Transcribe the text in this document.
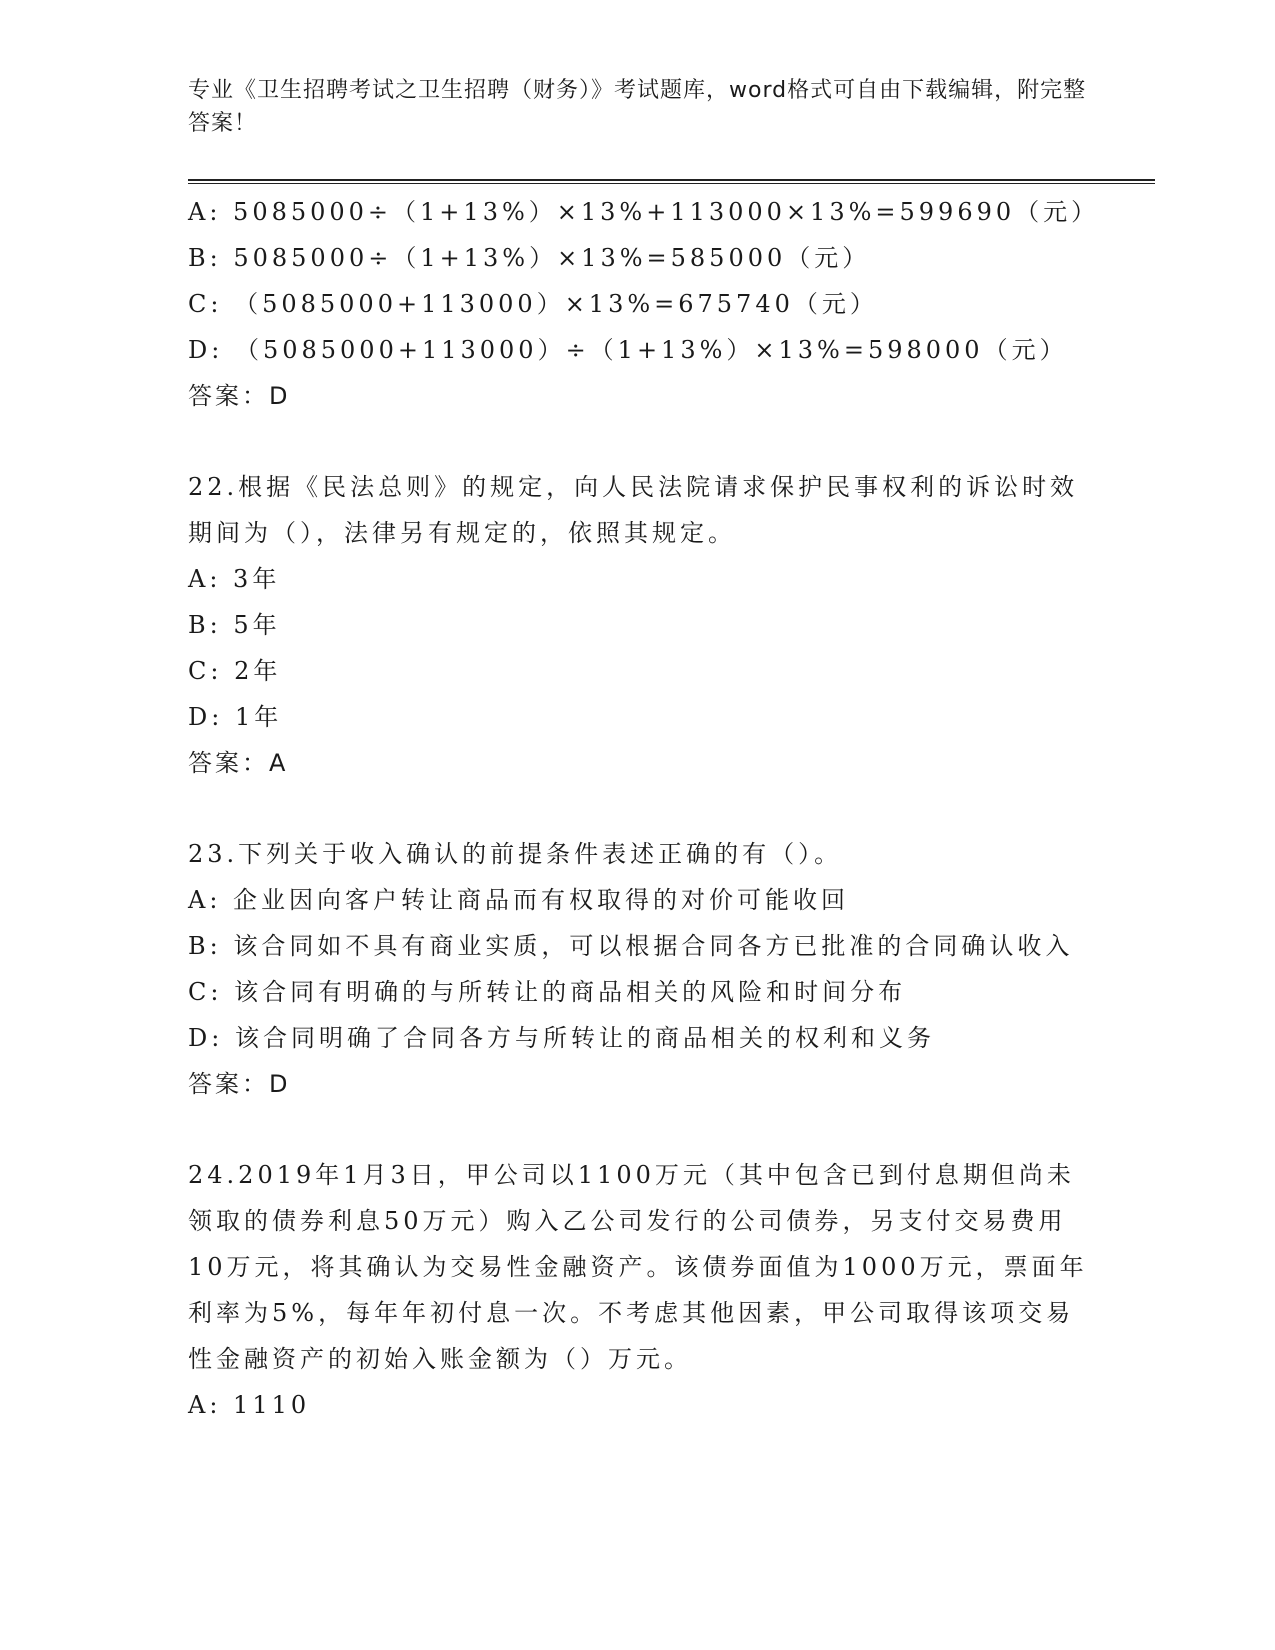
专业《卫生招聘考试之卫生招聘（财务）》考试题库，word格式可自由下载编辑，附完整答案！

A: 5085000÷（1+13%）×13%+113000×13%=599690（元）

B: 5085000÷（1+13%）×13%=585000（元）

C: （5085000+113000）×13%=675740（元）

D: （5085000+113000）÷（1+13%）×13%=598000（元）

答案：D

22.根据《民法总则》的规定，向人民法院请求保护民事权利的诉讼时效期间为（），法律另有规定的，依照其规定。

A: 3年

B: 5年

C: 2年

D: 1年

答案：A

23.下列关于收入确认的前提条件表述正确的有（）。

A: 企业因向客户转让商品而有权取得的对价可能收回

B: 该合同如不具有商业实质，可以根据合同各方已批准的合同确认收入

C: 该合同有明确的与所转让的商品相关的风险和时间分布

D: 该合同明确了合同各方与所转让的商品相关的权利和义务

答案：D

24.2019年1月3日，甲公司以1100万元（其中包含已到付息期但尚未领取的债券利息50万元）购入乙公司发行的公司债券，另支付交易费用10万元，将其确认为交易性金融资产。该债券面值为1000万元，票面年利率为5%，每年年初付息一次。不考虑其他因素，甲公司取得该项交易性金融资产的初始入账金额为（）万元。

A: 1110
